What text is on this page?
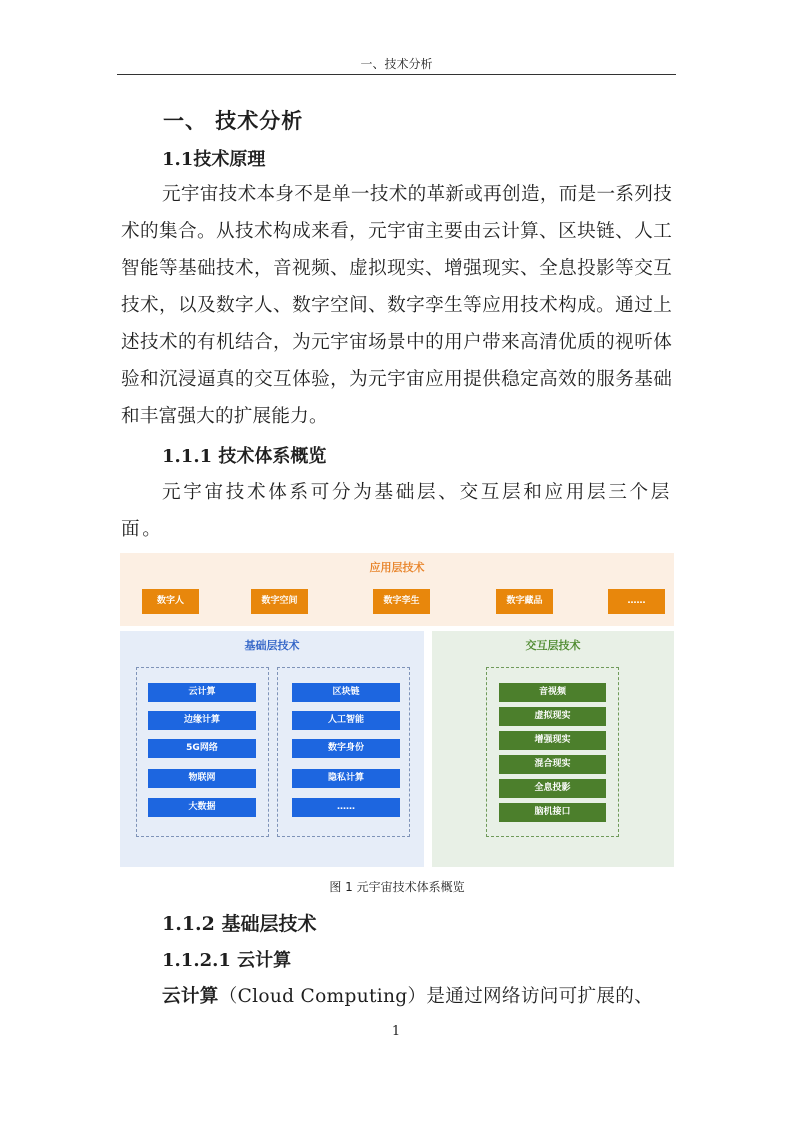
一、技术分析
一、 技术分析
1.1技术原理
元宇宙技术本身不是单一技术的革新或再创造，而是一系列技术的集合。从技术构成来看，元宇宙主要由云计算、区块链、人工智能等基础技术，音视频、虚拟现实、增强现实、全息投影等交互技术，以及数字人、数字空间、数字孪生等应用技术构成。通过上述技术的有机结合，为元宇宙场景中的用户带来高清优质的视听体验和沉浸逼真的交互体验，为元宇宙应用提供稳定高效的服务基础和丰富强大的扩展能力。
1.1.1 技术体系概览
元宇宙技术体系可分为基础层、交互层和应用层三个层面。
应用层技术
数字人	数字空间	数字孪生	数字藏品	……
基础层技术
云计算
边缘计算
5G网络
物联网
大数据
区块链
人工智能
数字身份
隐私计算
……
交互层技术
音视频
虚拟现实
增强现实
混合现实
全息投影
脑机接口
图 1 元宇宙技术体系概览
1.1.2 基础层技术
1.1.2.1 云计算
云计算（Cloud Computing）是通过网络访问可扩展的、
1
